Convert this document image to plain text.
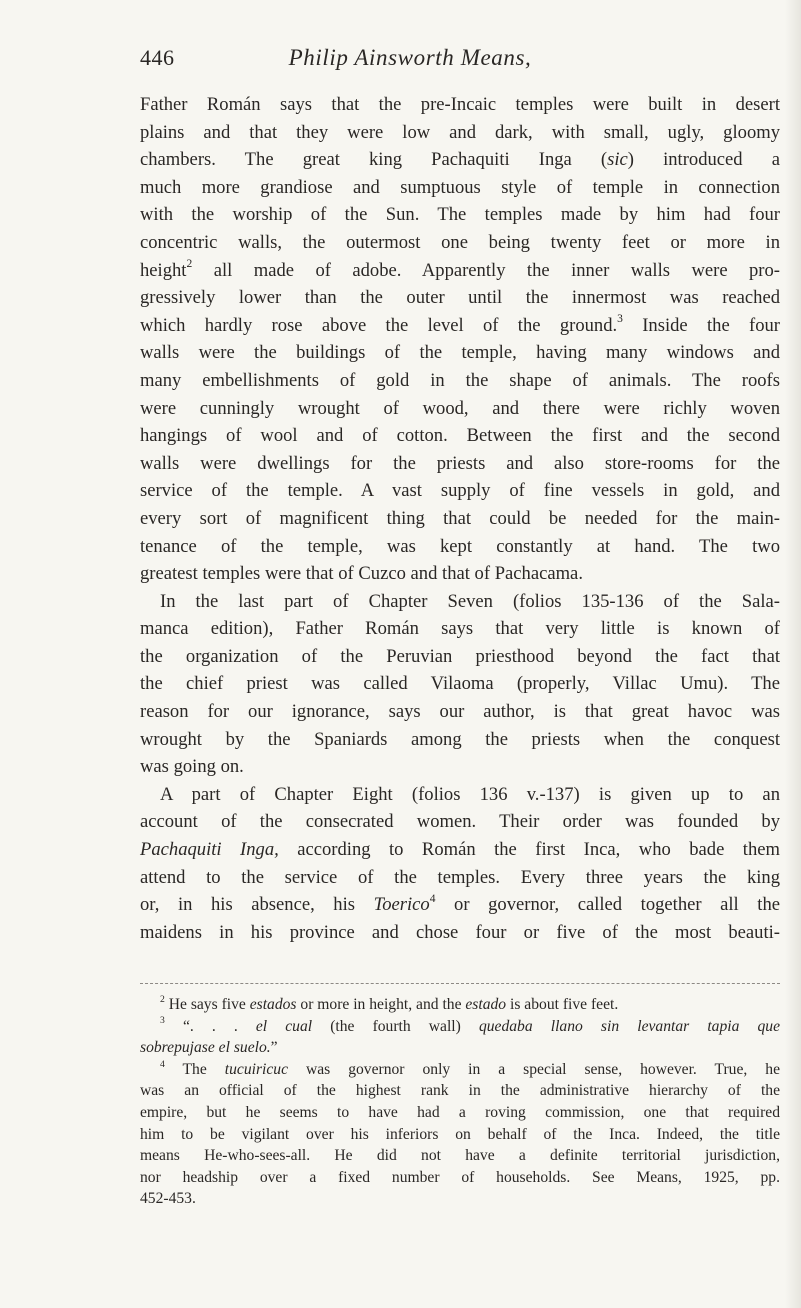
446	Philip Ainsworth Means,
Father Román says that the pre-Incaic temples were built in desert
plains and that they were low and dark, with small, ugly, gloomy
chambers. The great king Pachaquiti Inga (sic) introduced a
much more grandiose and sumptuous style of temple in connection
with the worship of the Sun. The temples made by him had four
concentric walls, the outermost one being twenty feet or more in
height$^2$ all made of adobe. Apparently the inner walls were pro-
gressively lower than the outer until the innermost was reached
which hardly rose above the level of the ground.$^3$ Inside the four
walls were the buildings of the temple, having many windows and
many embellishments of gold in the shape of animals. The roofs
were cunningly wrought of wood, and there were richly woven
hangings of wool and of cotton. Between the first and the second
walls were dwellings for the priests and also store-rooms for the
service of the temple. A vast supply of fine vessels in gold, and
every sort of magnificent thing that could be needed for the main-
tenance of the temple, was kept constantly at hand. The two
greatest temples were that of Cuzco and that of Pachacama.
In the last part of Chapter Seven (folios 135-136 of the Sala-
manca edition), Father Román says that very little is known of
the organization of the Peruvian priesthood beyond the fact that
the chief priest was called Vilaoma (properly, Villac Umu). The
reason for our ignorance, says our author, is that great havoc was
wrought by the Spaniards among the priests when the conquest
was going on.
A part of Chapter Eight (folios 136 v.-137) is given up to an
account of the consecrated women. Their order was founded by
Pachaquiti Inga, according to Román the first Inca, who bade them
attend to the service of the temples. Every three years the king
or, in his absence, his Toerico$^4$ or governor, called together all the
maidens in his province and chose four or five of the most beauti-
$^2$ He says five estados or more in height, and the estado is about five feet.
$^3$ “. . . el cual (the fourth wall) quedaba llano sin levantar tapia que
sobrepujase el suelo.”
$^4$ The tucuiricuc was governor only in a special sense, however. True, he
was an official of the highest rank in the administrative hierarchy of the
empire, but he seems to have had a roving commission, one that required
him to be vigilant over his inferiors on behalf of the Inca. Indeed, the title
means He-who-sees-all. He did not have a definite territorial jurisdiction,
nor headship over a fixed number of households. See Means, 1925, pp.
452-453.
